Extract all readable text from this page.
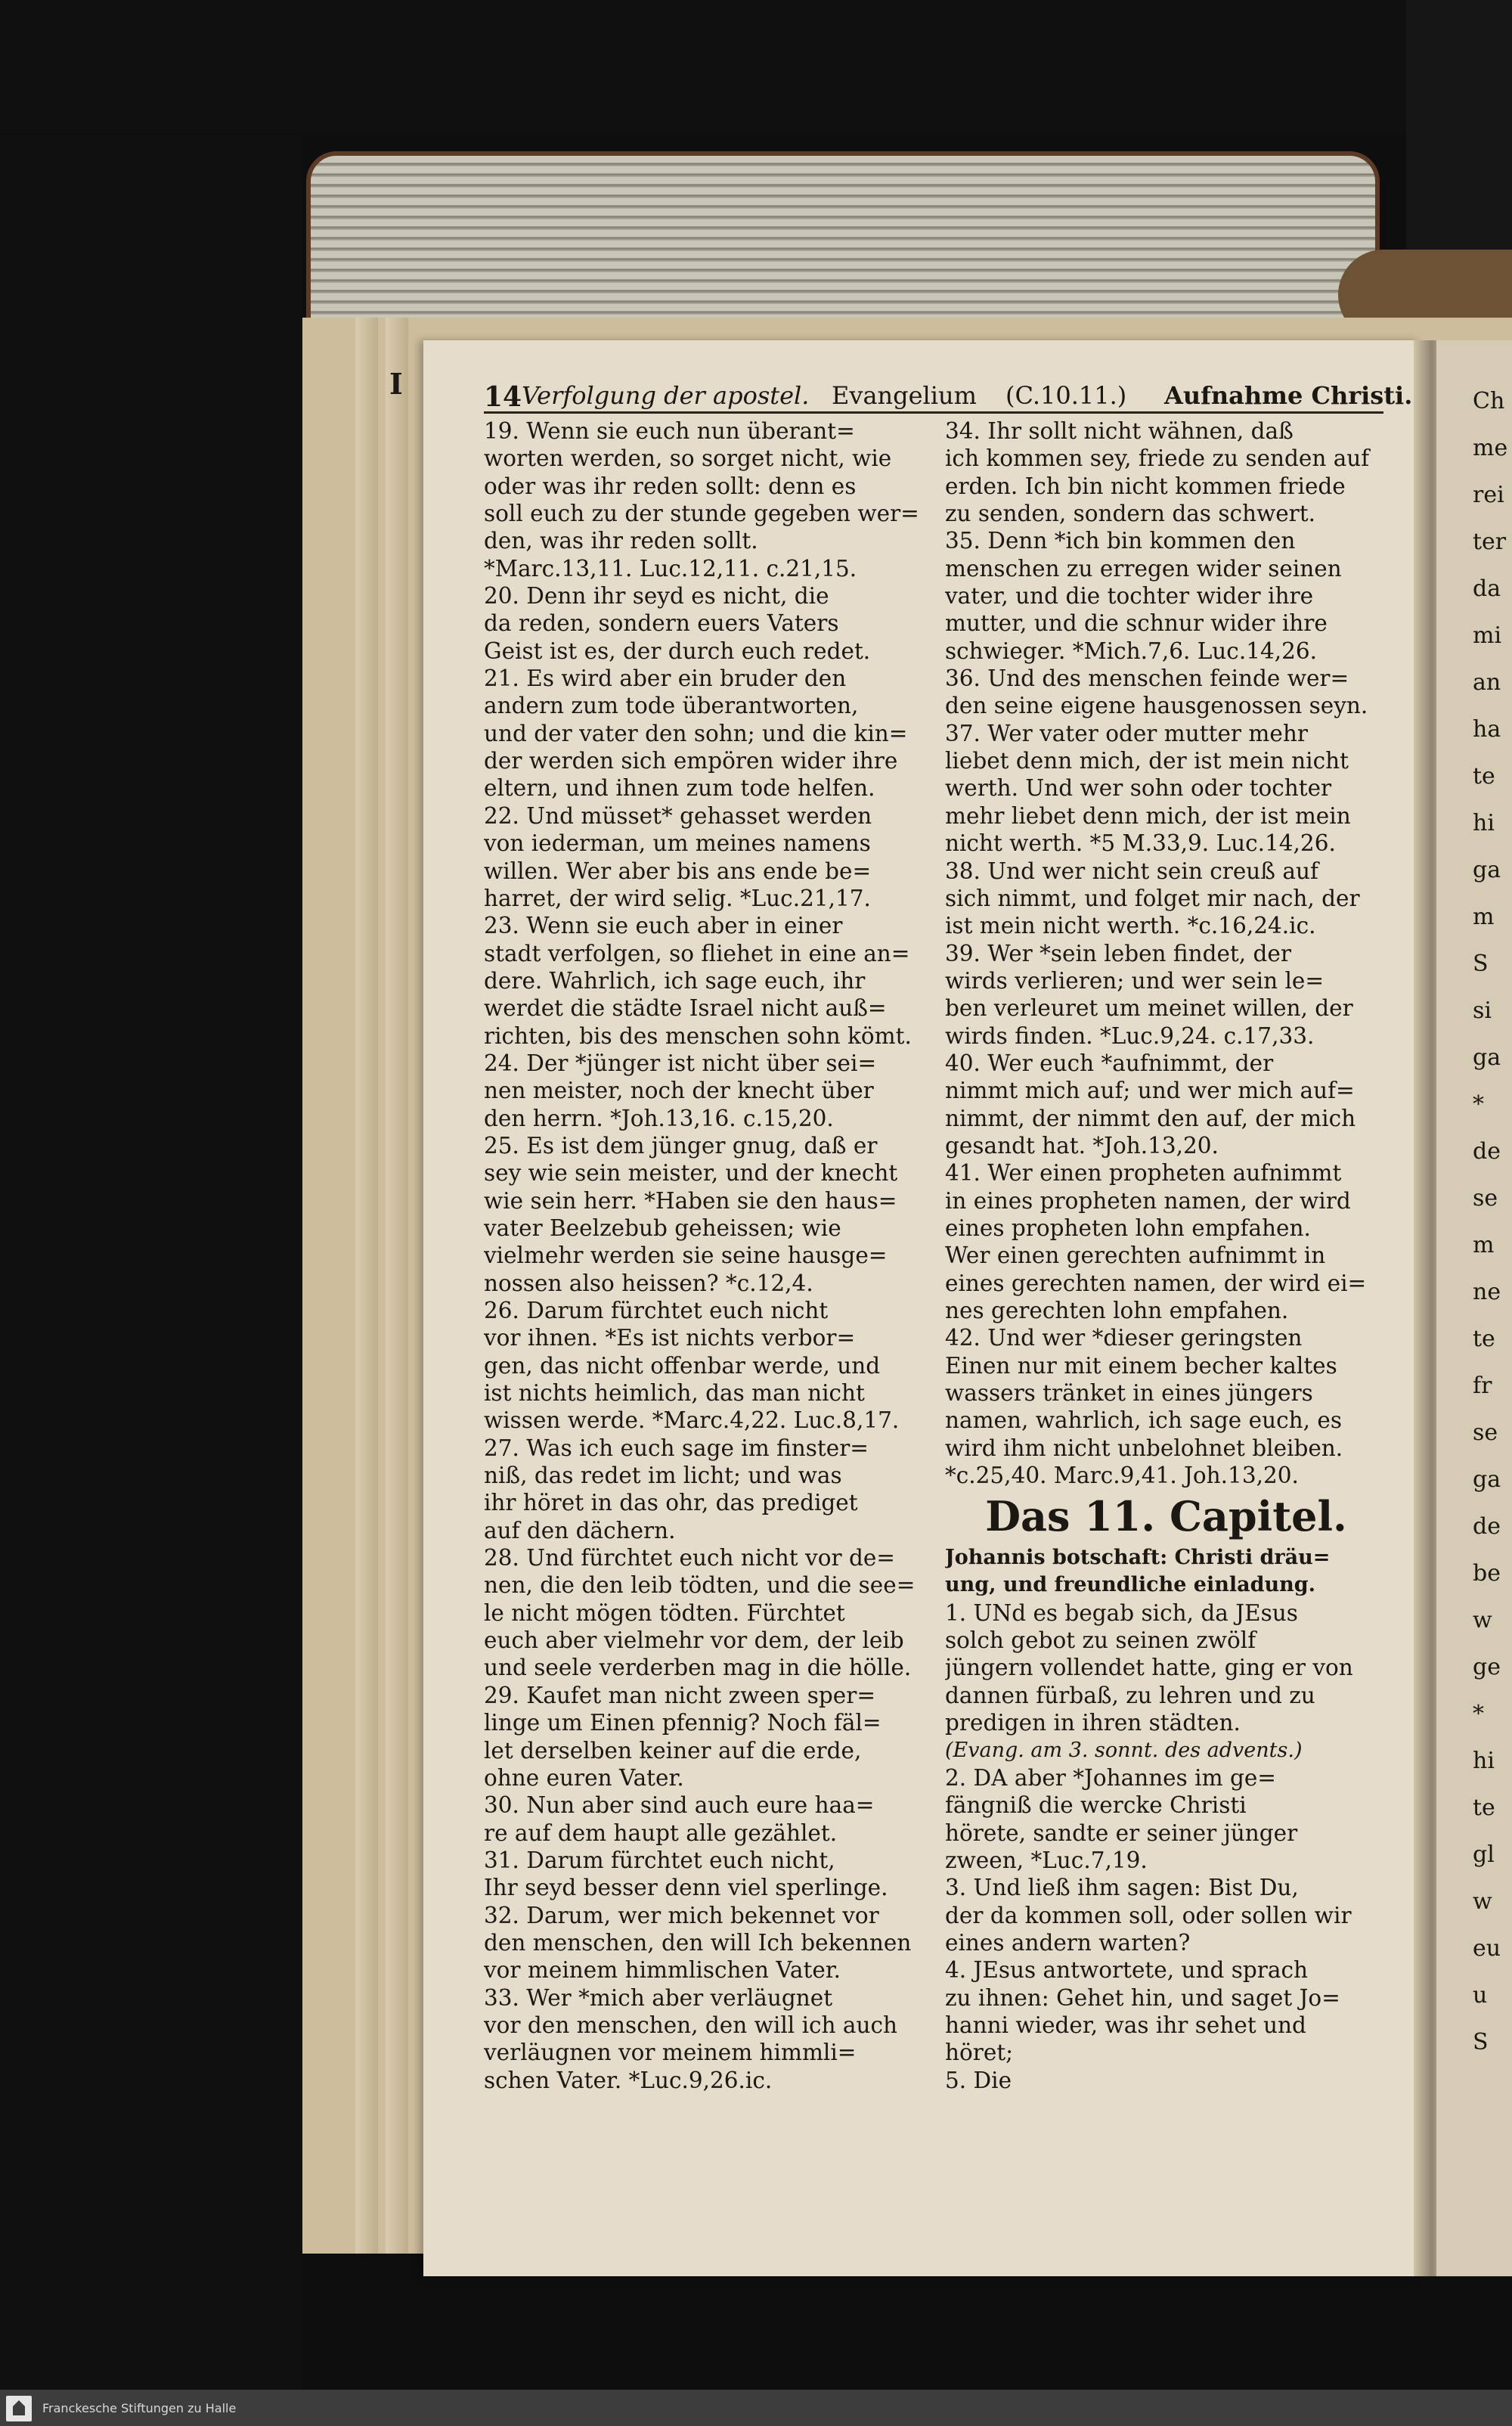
I	14 Verfolgung der apostel. Evangelium (C.10.11.) Aufnahme Christi.
19. Wenn sie euch nun überant=
worten werden, so sorget nicht, wie
oder was ihr reden sollt: denn es
soll euch zu der stunde gegeben wer=
den, was ihr reden sollt.
*Marc.13,11. Luc.12,11. c.21,15.
20. Denn ihr seyd es nicht, die
da reden, sondern euers Vaters
Geist ist es, der durch euch redet.
21. Es wird aber ein bruder den
andern zum tode überantworten,
und der vater den sohn; und die kin=
der werden sich empören wider ihre
eltern, und ihnen zum tode helfen.
22. Und müsset* gehasset werden
von iederman, um meines namens
willen. Wer aber bis ans ende be=
harret, der wird selig. *Luc.21,17.
23. Wenn sie euch aber in einer
stadt verfolgen, so fliehet in eine an=
dere. Wahrlich, ich sage euch, ihr
werdet die städte Israel nicht auß=
richten, bis des menschen sohn kömt.
24. Der *jünger ist nicht über sei=
nen meister, noch der knecht über
den herrn. *Joh.13,16. c.15,20.
25. Es ist dem jünger gnug, daß er
sey wie sein meister, und der knecht
wie sein herr. *Haben sie den haus=
vater Beelzebub geheissen; wie
vielmehr werden sie seine hausge=
nossen also heissen? *c.12,4.
26. Darum fürchtet euch nicht
vor ihnen. *Es ist nichts verbor=
gen, das nicht offenbar werde, und
ist nichts heimlich, das man nicht
wissen werde. *Marc.4,22. Luc.8,17.
27. Was ich euch sage im finster=
niß, das redet im licht; und was
ihr höret in das ohr, das prediget
auf den dächern.
28. Und fürchtet euch nicht vor de=
nen, die den leib tödten, und die see=
le nicht mögen tödten. Fürchtet
euch aber vielmehr vor dem, der leib
und seele verderben mag in die hölle.
29. Kaufet man nicht zween sper=
linge um Einen pfennig? Noch fäl=
let derselben keiner auf die erde,
ohne euren Vater.
30. Nun aber sind auch eure haa=
re auf dem haupt alle gezählet.
31. Darum fürchtet euch nicht,
Ihr seyd besser denn viel sperlinge.
32. Darum, wer mich bekennet vor
den menschen, den will Ich bekennen
vor meinem himmlischen Vater.
33. Wer *mich aber verläugnet
vor den menschen, den will ich auch
verläugnen vor meinem himmli=
schen Vater. *Luc.9,26.ic.
34. Ihr sollt nicht wähnen, daß
ich kommen sey, friede zu senden auf
erden. Ich bin nicht kommen friede
zu senden, sondern das schwert.
35. Denn *ich bin kommen den
menschen zu erregen wider seinen
vater, und die tochter wider ihre
mutter, und die schnur wider ihre
schwieger. *Mich.7,6. Luc.14,26.
36. Und des menschen feinde wer=
den seine eigene hausgenossen seyn.
37. Wer vater oder mutter mehr
liebet denn mich, der ist mein nicht
werth. Und wer sohn oder tochter
mehr liebet denn mich, der ist mein
nicht werth. *5 M.33,9. Luc.14,26.
38. Und wer nicht sein creuß auf
sich nimmt, und folget mir nach, der
ist mein nicht werth. *c.16,24.ic.
39. Wer *sein leben findet, der
wirds verlieren; und wer sein le=
ben verleuret um meinet willen, der
wirds finden. *Luc.9,24. c.17,33.
40. Wer euch *aufnimmt, der
nimmt mich auf; und wer mich auf=
nimmt, der nimmt den auf, der mich
gesandt hat. *Joh.13,20.
41. Wer einen propheten aufnimmt
in eines propheten namen, der wird
eines propheten lohn empfahen.
Wer einen gerechten aufnimmt in
eines gerechten namen, der wird ei=
nes gerechten lohn empfahen.
42. Und wer *dieser geringsten
Einen nur mit einem becher kaltes
wassers tränket in eines jüngers
namen, wahrlich, ich sage euch, es
wird ihm nicht unbelohnet bleiben.
*c.25,40. Marc.9,41. Joh.13,20.
Das 11. Capitel.
Johannis botschaft: Christi dräu=
ung, und freundliche einladung.
1. UNd es begab sich, da JEsus
solch gebot zu seinen zwölf
jüngern vollendet hatte, ging er von
dannen fürbaß, zu lehren und zu
predigen in ihren städten.
(Evang. am 3. sonnt. des advents.)
2. DA aber *Johannes im ge=
fängniß die wercke Christi
hörete, sandte er seiner jünger
zween, *Luc.7,19.
3. Und ließ ihm sagen: Bist Du,
der da kommen soll, oder sollen wir
eines andern warten?
4. JEsus antwortete, und sprach
zu ihnen: Gehet hin, und saget Jo=
hanni wieder, was ihr sehet und
höret;
5. Die
Ch
me
rei
ter
da
mi
an
ha
te
hi
ga
m
S
si
ga
*
de
se
m
ne
te
fr
se
ga
de
be
w
ge
*
hi
te
gl
w
eu
u
S
Franckesche Stiftungen zu Halle
